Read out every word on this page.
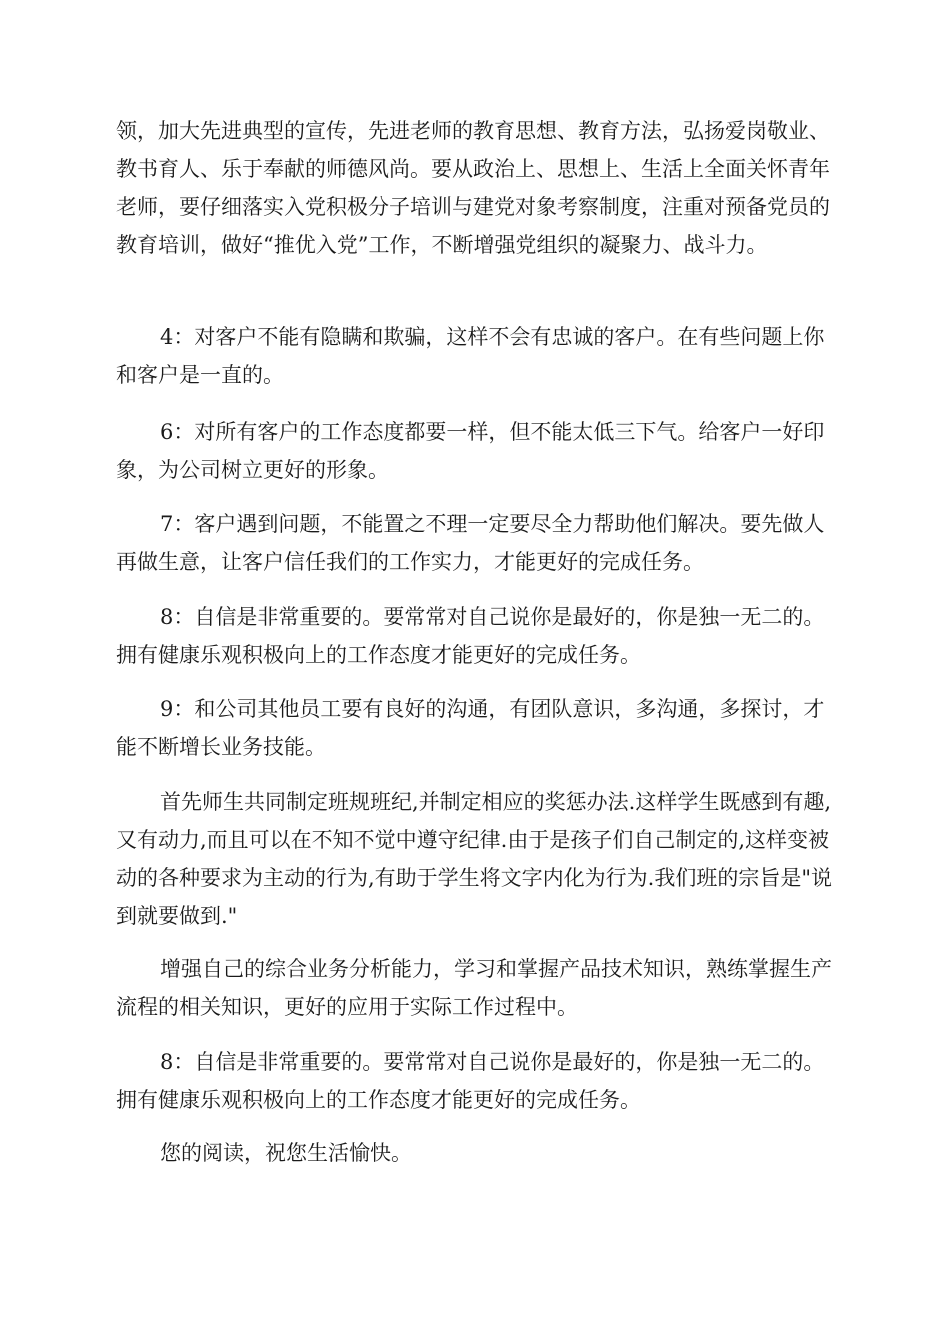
领，加大先进典型的宣传，先进老师的教育思想、教育方法，弘扬爱岗敬业、教书育人、乐于奉献的师德风尚。要从政治上、思想上、生活上全面关怀青年老师，要仔细落实入党积极分子培训与建党对象考察制度，注重对预备党员的教育培训，做好“推优入党”工作，不断增强党组织的凝聚力、战斗力。

4：对客户不能有隐瞒和欺骗，这样不会有忠诚的客户。在有些问题上你和客户是一直的。

6：对所有客户的工作态度都要一样，但不能太低三下气。给客户一好印象，为公司树立更好的形象。

7：客户遇到问题，不能置之不理一定要尽全力帮助他们解决。要先做人再做生意，让客户信任我们的工作实力，才能更好的完成任务。

8：自信是非常重要的。要常常对自己说你是最好的，你是独一无二的。拥有健康乐观积极向上的工作态度才能更好的完成任务。

9：和公司其他员工要有良好的沟通，有团队意识，多沟通，多探讨，才能不断增长业务技能。

首先师生共同制定班规班纪,并制定相应的奖惩办法.这样学生既感到有趣,又有动力,而且可以在不知不觉中遵守纪律.由于是孩子们自己制定的,这样变被动的各种要求为主动的行为,有助于学生将文字内化为行为.我们班的宗旨是"说到就要做到."

增强自己的综合业务分析能力，学习和掌握产品技术知识，熟练掌握生产流程的相关知识，更好的应用于实际工作过程中。

8：自信是非常重要的。要常常对自己说你是最好的，你是独一无二的。拥有健康乐观积极向上的工作态度才能更好的完成任务。

您的阅读，祝您生活愉快。
